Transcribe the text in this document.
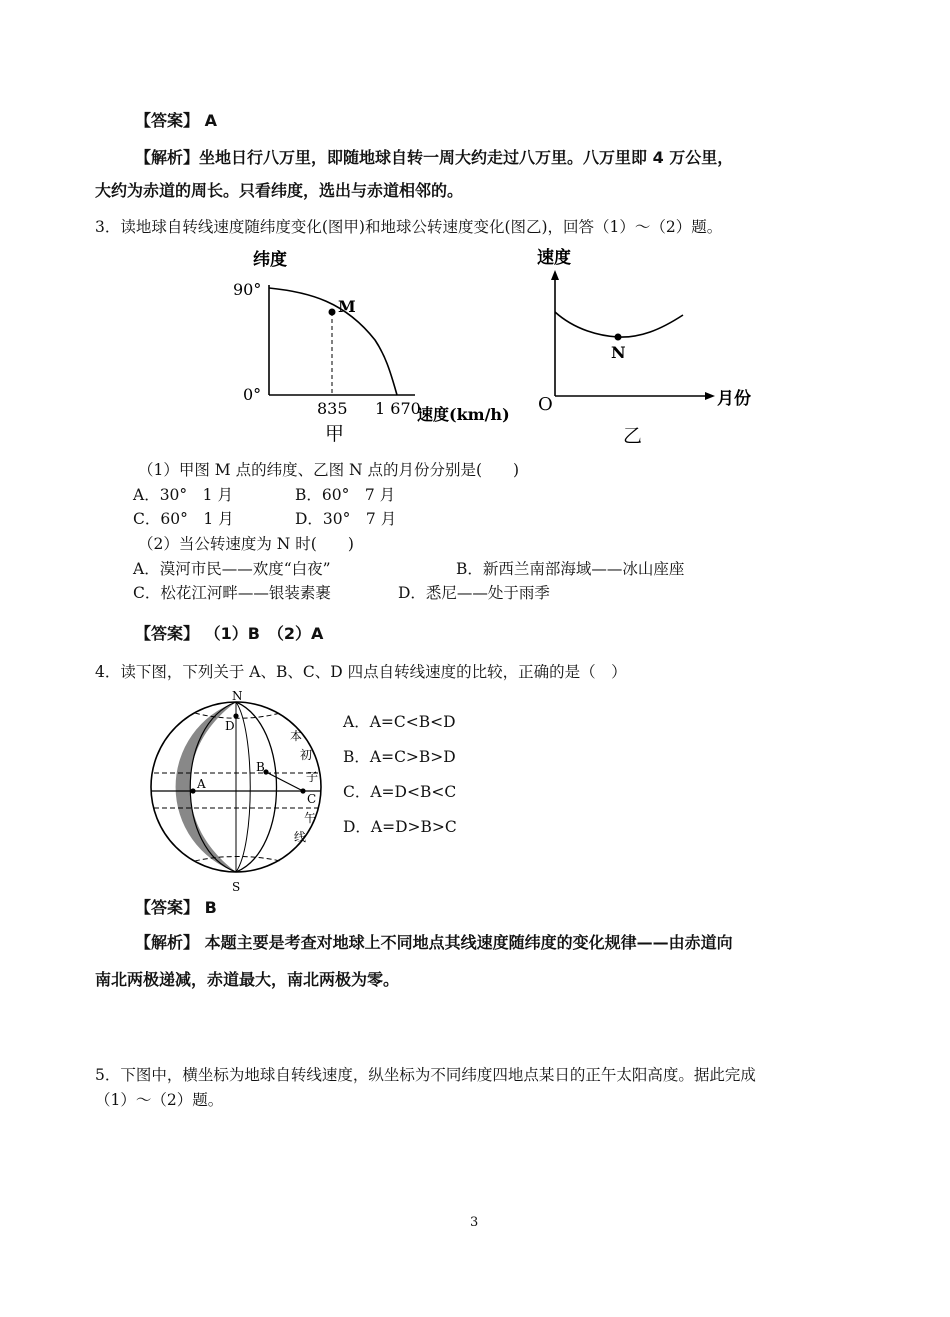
【答案】 A
【解析】坐地日行八万里，即随地球自转一周大约走过八万里。八万里即 4 万公里，
大约为赤道的周长。只看纬度，选出与赤道相邻的。
3．读地球自转线速度随纬度变化(图甲)和地球公转速度变化(图乙)，回答（1）～（2）题。
纬度
90°
0°
M
835 1 670
速度(km/h)
甲
速度
O
N
月份
乙
（1）甲图 M 点的纬度、乙图 N 点的月份分别是(　　)
A．30°　1 月	B．60°　7 月
C．60°　1 月	D．30°　7 月
（2）当公转速度为 N 时(　　)
A．漠河市民——欢度“白夜”	B．新西兰南部海域——冰山座座
C．松花江河畔——银装素裹	D．悉尼——处于雨季
【答案】 （1）B　（2）A
4．读下图，下列关于 A、B、C、D 四点自转线速度的比较，正确的是（　）
N
S
D
B
A
C
本
初
子
午
线
A．A=C<B<D
B．A=C>B>D
C．A=D<B<C
D．A=D>B>C
【答案】 B
【解析】 本题主要是考查对地球上不同地点其线速度随纬度的变化规律——由赤道向
南北两极递减，赤道最大，南北两极为零。
5．下图中，横坐标为地球自转线速度，纵坐标为不同纬度四地点某日的正午太阳高度。据此完成
（1）～（2）题。
3
